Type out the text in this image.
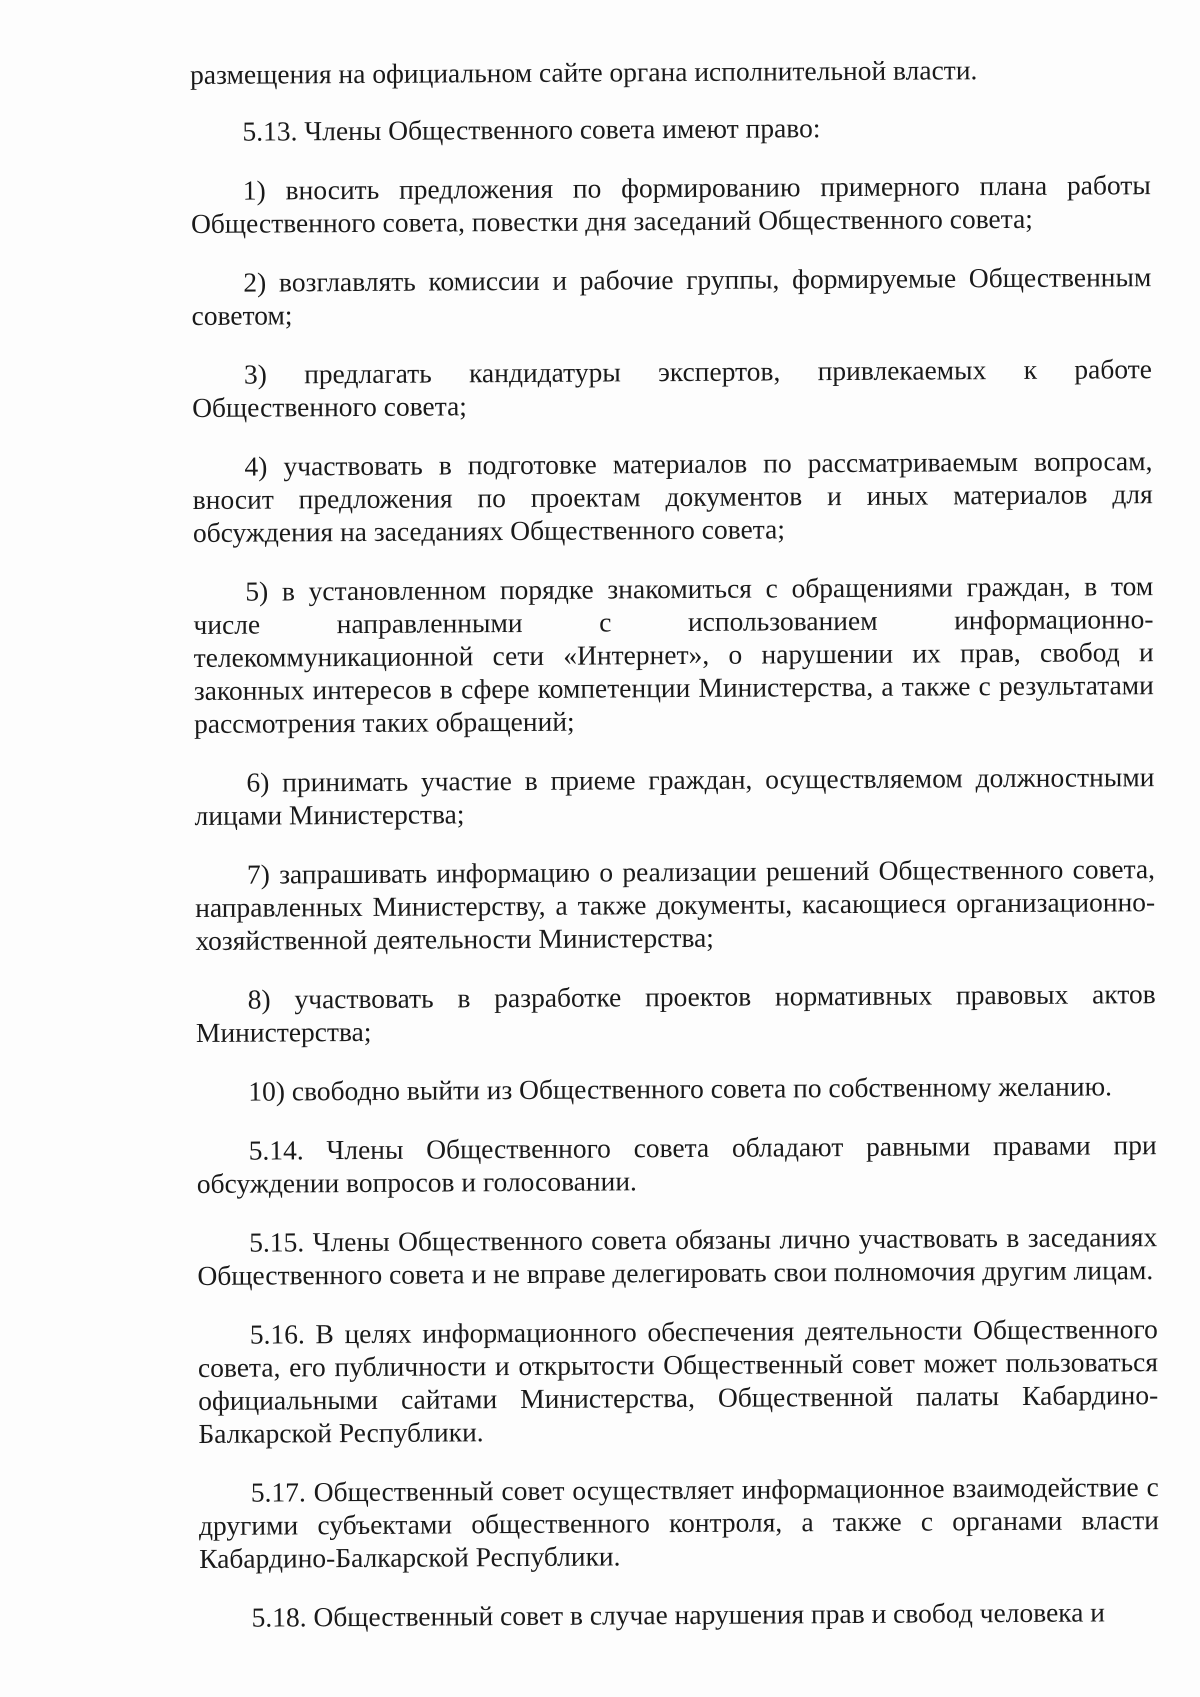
размещения на официальном сайте органа исполнительной власти.

5.13. Члены Общественного совета имеют право:

1) вносить предложения по формированию примерного плана работы Общественного совета, повестки дня заседаний Общественного совета;

2) возглавлять комиссии и рабочие группы, формируемые Общественным советом;

3) предлагать кандидатуры экспертов, привлекаемых к работе Общественного совета;

4) участвовать в подготовке материалов по рассматриваемым вопросам, вносит предложения по проектам документов и иных материалов для обсуждения на заседаниях Общественного совета;

5) в установленном порядке знакомиться с обращениями граждан, в том числе направленными с использованием информационно-телекоммуникационной сети «Интернет», о нарушении их прав, свобод и законных интересов в сфере компетенции Министерства, а также с результатами рассмотрения таких обращений;

6) принимать участие в приеме граждан, осуществляемом должностными лицами Министерства;

7) запрашивать информацию о реализации решений Общественного совета, направленных Министерству, а также документы, касающиеся организационно-хозяйственной деятельности Министерства;

8) участвовать в разработке проектов нормативных правовых актов Министерства;

10) свободно выйти из Общественного совета по собственному желанию.

5.14. Члены Общественного совета обладают равными правами при обсуждении вопросов и голосовании.

5.15. Члены Общественного совета обязаны лично участвовать в заседаниях Общественного совета и не вправе делегировать свои полномочия другим лицам.

5.16. В целях информационного обеспечения деятельности Общественного совета, его публичности и открытости Общественный совет может пользоваться официальными сайтами Министерства, Общественной палаты Кабардино-Балкарской Республики.

5.17. Общественный совет осуществляет информационное взаимодействие с другими субъектами общественного контроля, а также с органами власти Кабардино-Балкарской Республики.

5.18. Общественный совет в случае нарушения прав и свобод человека и
